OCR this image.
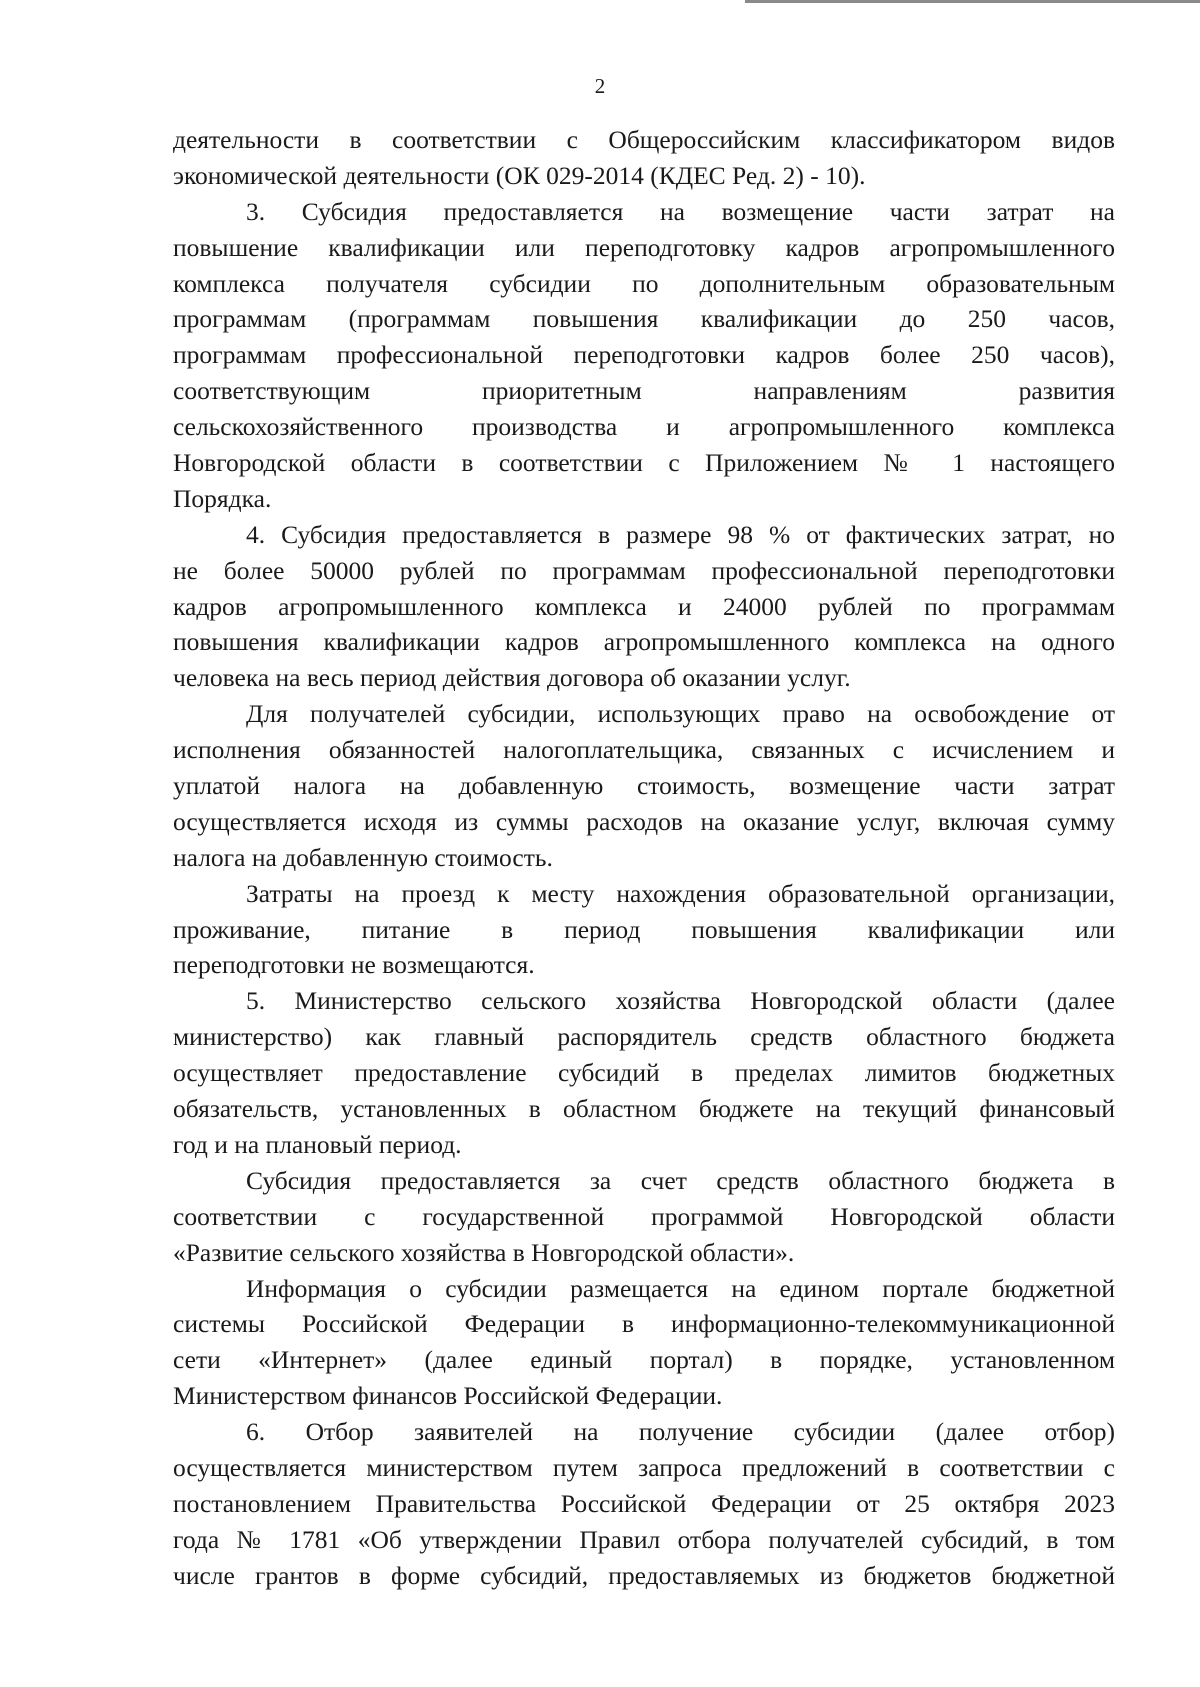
2
деятельности в соответствии с Общероссийским классификатором видов
экономической деятельности (ОК 029-2014 (КДЕС Ред. 2) - 10).
3. Субсидия предоставляется на возмещение части затрат на
повышение квалификации или переподготовку кадров агропромышленного
комплекса получателя субсидии по дополнительным образовательным
программам (программам повышения квалификации до 250 часов,
программам профессиональной переподготовки кадров более 250 часов),
соответствующим приоритетным направлениям развития
сельскохозяйственного производства и агропромышленного комплекса
Новгородской области в соответствии с Приложением № 1 настоящего
Порядка.
4. Субсидия предоставляется в размере 98 % от фактических затрат, но
не более 50000 рублей по программам профессиональной переподготовки
кадров агропромышленного комплекса и 24000 рублей по программам
повышения квалификации кадров агропромышленного комплекса на одного
человека на весь период действия договора об оказании услуг.
Для получателей субсидии, использующих право на освобождение от
исполнения обязанностей налогоплательщика, связанных с исчислением и
уплатой налога на добавленную стоимость, возмещение части затрат
осуществляется исходя из суммы расходов на оказание услуг, включая сумму
налога на добавленную стоимость.
Затраты на проезд к месту нахождения образовательной организации,
проживание, питание в период повышения квалификации или
переподготовки не возмещаются.
5. Министерство сельского хозяйства Новгородской области (далее
министерство) как главный распорядитель средств областного бюджета
осуществляет предоставление субсидий в пределах лимитов бюджетных
обязательств, установленных в областном бюджете на текущий финансовый
год и на плановый период.
Субсидия предоставляется за счет средств областного бюджета в
соответствии с государственной программой Новгородской области
«Развитие сельского хозяйства в Новгородской области».
Информация о субсидии размещается на едином портале бюджетной
системы Российской Федерации в информационно-телекоммуникационной
сети «Интернет» (далее единый портал) в порядке, установленном
Министерством финансов Российской Федерации.
6. Отбор заявителей на получение субсидии (далее отбор)
осуществляется министерством путем запроса предложений в соответствии с
постановлением Правительства Российской Федерации от 25 октября 2023
года № 1781 «Об утверждении Правил отбора получателей субсидий, в том
числе грантов в форме субсидий, предоставляемых из бюджетов бюджетной
